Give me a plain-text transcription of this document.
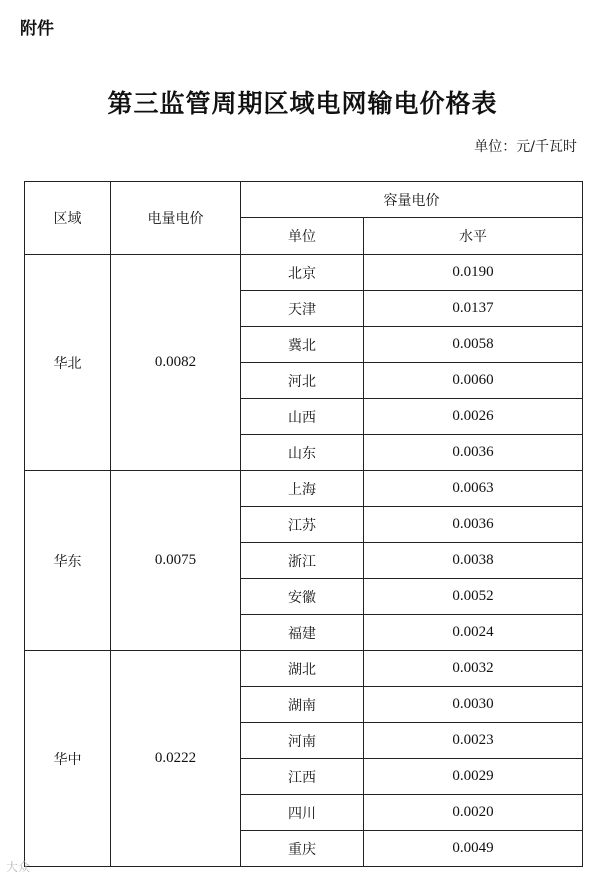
附件
第三监管周期区域电网输电价格表
单位：元/千瓦时
区域	电量电价	容量电价	
		单位	水平
华北	0.0082	北京	0.0190
		天津	0.0137
		冀北	0.0058
		河北	0.0060
		山西	0.0026
		山东	0.0036
华东	0.0075	上海	0.0063
		江苏	0.0036
		浙江	0.0038
		安徽	0.0052
		福建	0.0024
华中	0.0222	湖北	0.0032
		湖南	0.0030
		河南	0.0023
		江西	0.0029
		四川	0.0020
		重庆	0.0049
大众
